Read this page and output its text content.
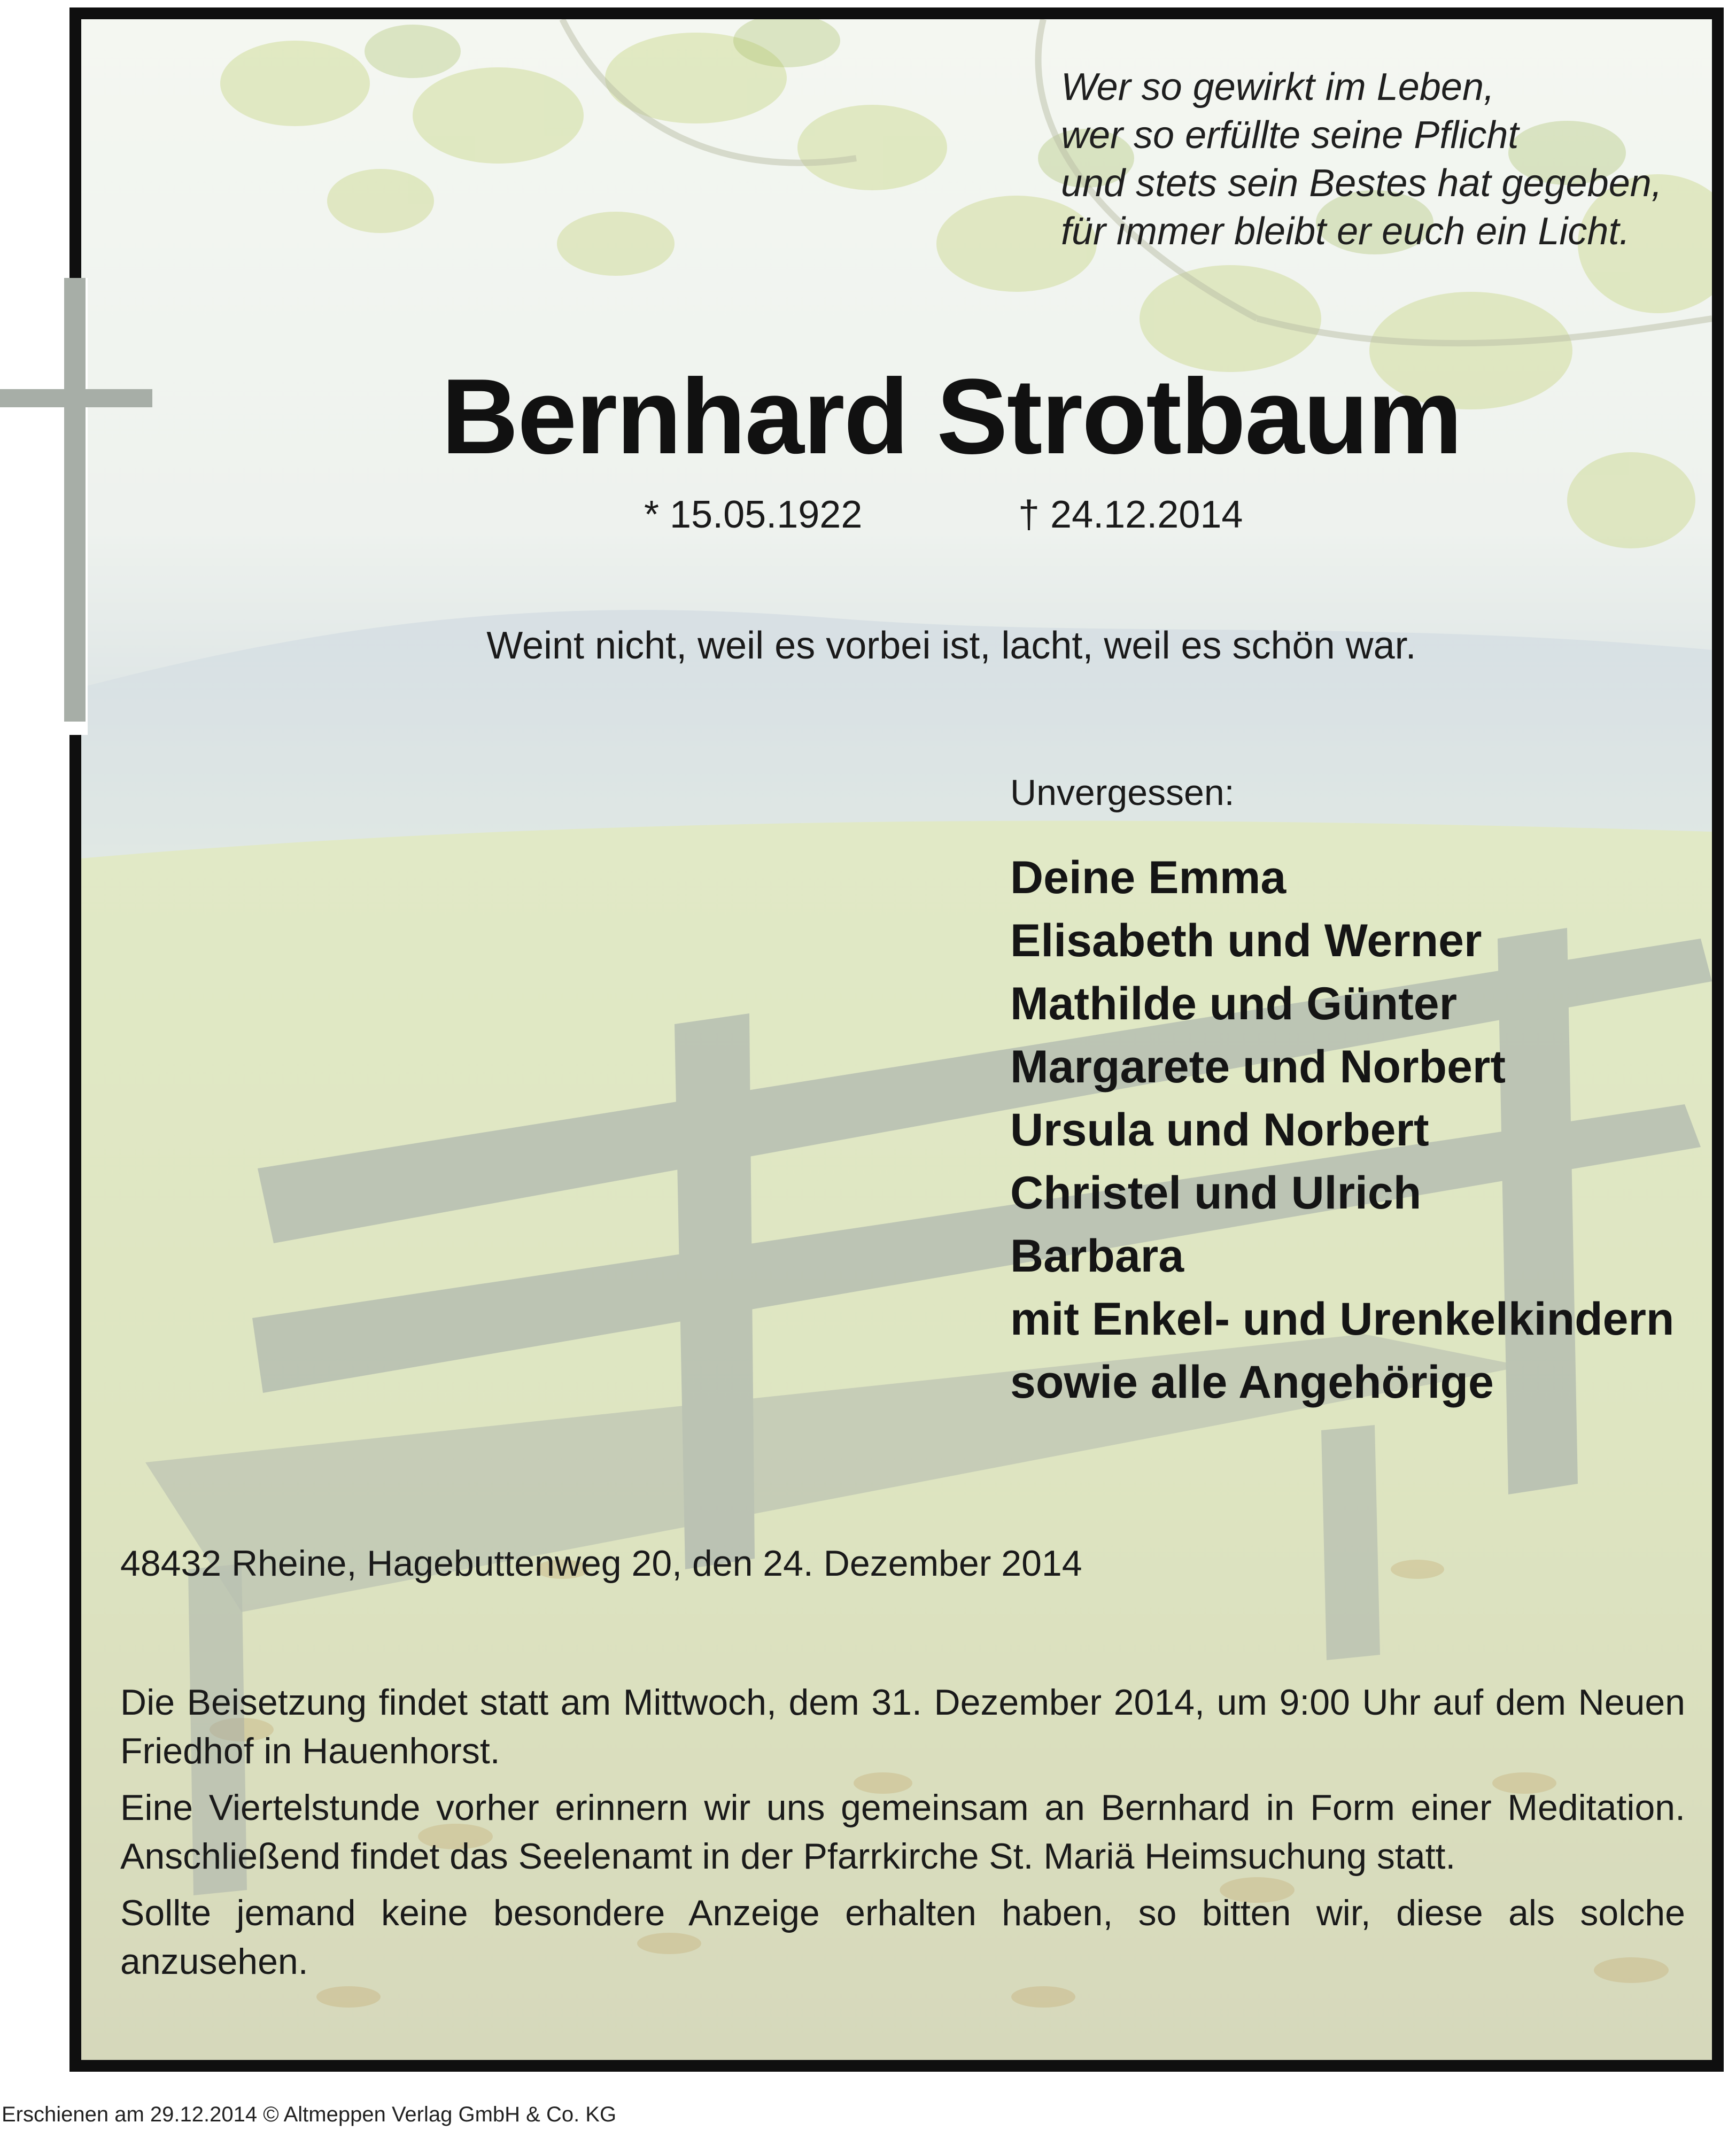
Wer so gewirkt im Leben,
wer so erfüllte seine Pflicht
und stets sein Bestes hat gegeben,
für immer bleibt er euch ein Licht.
Bernhard Strotbaum
* 15.05.1922	† 24.12.2014
Weint nicht, weil es vorbei ist, lacht, weil es schön war.
Unvergessen:
Deine Emma
Elisabeth und Werner
Mathilde und Günter
Margarete und Norbert
Ursula und Norbert
Christel und Ulrich
Barbara
mit Enkel- und Urenkelkindern
sowie alle Angehörige
48432 Rheine, Hagebuttenweg 20, den 24. Dezember 2014

Die Beisetzung findet statt am Mittwoch, dem 31. Dezember 2014, um 9:00 Uhr auf dem Neuen Friedhof in Hauenhorst.

Eine Viertelstunde vorher erinnern wir uns gemeinsam an Bernhard in Form einer Meditation. Anschließend findet das Seelenamt in der Pfarrkirche St. Mariä Heimsuchung statt.

Sollte jemand keine besondere Anzeige erhalten haben, so bitten wir, diese als solche anzusehen.

Erschienen am 29.12.2014 © Altmeppen Verlag GmbH & Co. KG
